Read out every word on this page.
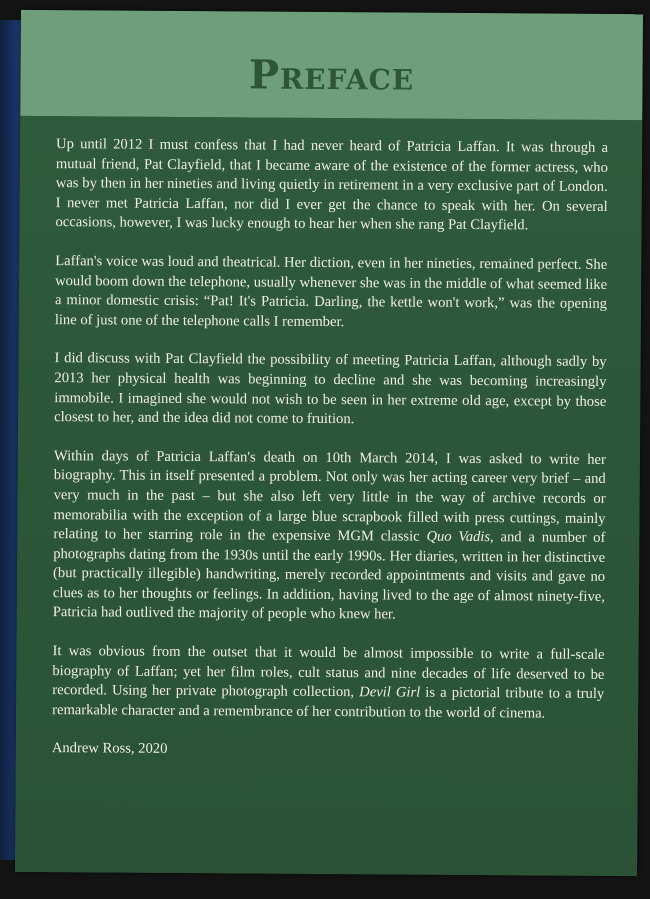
Preface

Up until 2012 I must confess that I had never heard of Patricia Laffan. It was through a mutual friend, Pat Clayfield, that I became aware of the existence of the former actress, who was by then in her nineties and living quietly in retirement in a very exclusive part of London. I never met Patricia Laffan, nor did I ever get the chance to speak with her. On several occasions, however, I was lucky enough to hear her when she rang Pat Clayfield.

Laffan's voice was loud and theatrical. Her diction, even in her nineties, remained perfect. She would boom down the telephone, usually whenever she was in the middle of what seemed like a minor domestic crisis: “Pat! It's Patricia. Darling, the kettle won't work,” was the opening line of just one of the telephone calls I remember.

I did discuss with Pat Clayfield the possibility of meeting Patricia Laffan, although sadly by 2013 her physical health was beginning to decline and she was becoming increasingly immobile. I imagined she would not wish to be seen in her extreme old age, except by those closest to her, and the idea did not come to fruition.

Within days of Patricia Laffan's death on 10th March 2014, I was asked to write her biography. This in itself presented a problem. Not only was her acting career very brief – and very much in the past – but she also left very little in the way of archive records or memorabilia with the exception of a large blue scrapbook filled with press cuttings, mainly relating to her starring role in the expensive MGM classic Quo Vadis, and a number of photographs dating from the 1930s until the early 1990s. Her diaries, written in her distinctive (but practically illegible) handwriting, merely recorded appointments and visits and gave no clues as to her thoughts or feelings. In addition, having lived to the age of almost ninety-five, Patricia had outlived the majority of people who knew her.

It was obvious from the outset that it would be almost impossible to write a full-scale biography of Laffan; yet her film roles, cult status and nine decades of life deserved to be recorded. Using her private photograph collection, Devil Girl is a pictorial tribute to a truly remarkable character and a remembrance of her contribution to the world of cinema.

Andrew Ross, 2020
